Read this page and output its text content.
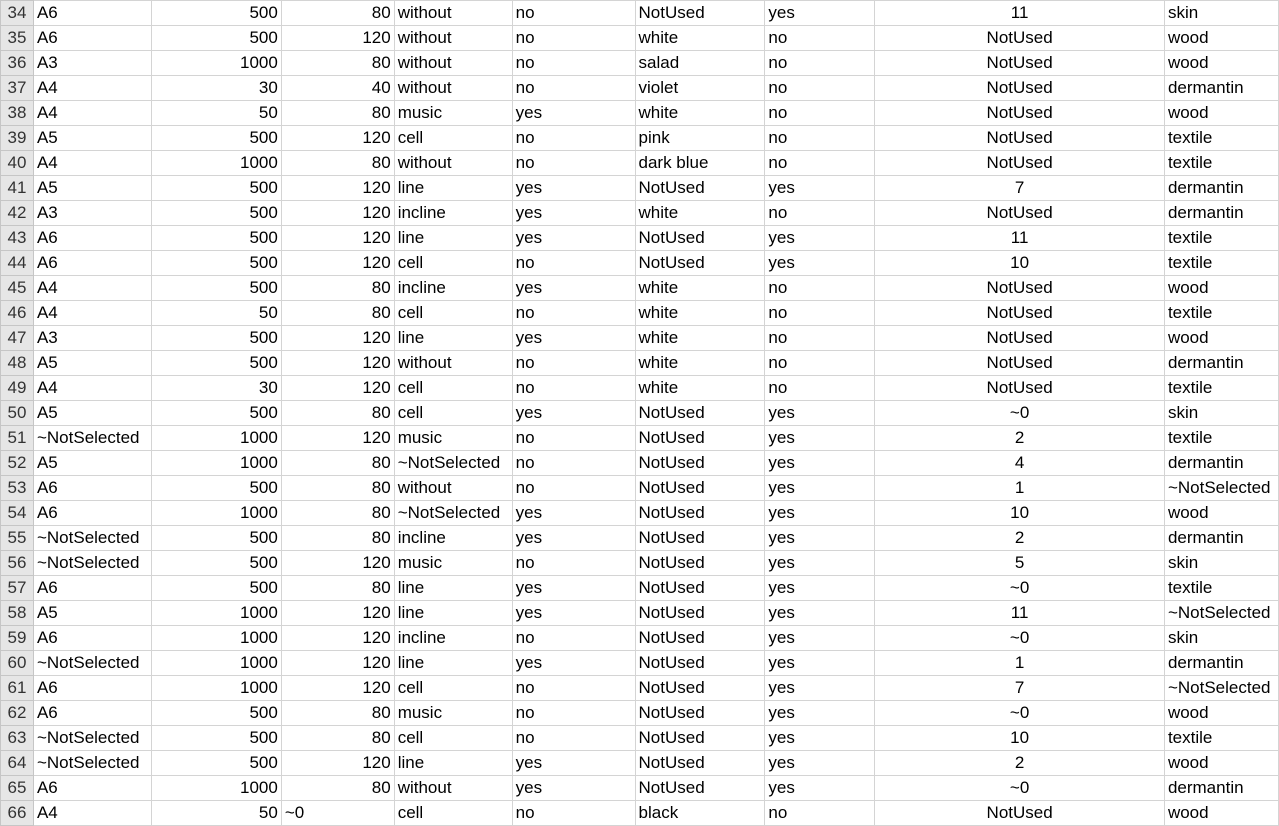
34	A6	500	80	without	no	NotUsed	yes	11	skin
35	A6	500	120	without	no	white	no	NotUsed	wood
36	A3	1000	80	without	no	salad	no	NotUsed	wood
37	A4	30	40	without	no	violet	no	NotUsed	dermantin
38	A4	50	80	music	yes	white	no	NotUsed	wood
39	A5	500	120	cell	no	pink	no	NotUsed	textile
40	A4	1000	80	without	no	dark blue	no	NotUsed	textile
41	A5	500	120	line	yes	NotUsed	yes	7	dermantin
42	A3	500	120	incline	yes	white	no	NotUsed	dermantin
43	A6	500	120	line	yes	NotUsed	yes	11	textile
44	A6	500	120	cell	no	NotUsed	yes	10	textile
45	A4	500	80	incline	yes	white	no	NotUsed	wood
46	A4	50	80	cell	no	white	no	NotUsed	textile
47	A3	500	120	line	yes	white	no	NotUsed	wood
48	A5	500	120	without	no	white	no	NotUsed	dermantin
49	A4	30	120	cell	no	white	no	NotUsed	textile
50	A5	500	80	cell	yes	NotUsed	yes	~0	skin
51	~NotSelected	1000	120	music	no	NotUsed	yes	2	textile
52	A5	1000	80	~NotSelected	no	NotUsed	yes	4	dermantin
53	A6	500	80	without	no	NotUsed	yes	1	~NotSelected
54	A6	1000	80	~NotSelected	yes	NotUsed	yes	10	wood
55	~NotSelected	500	80	incline	yes	NotUsed	yes	2	dermantin
56	~NotSelected	500	120	music	no	NotUsed	yes	5	skin
57	A6	500	80	line	yes	NotUsed	yes	~0	textile
58	A5	1000	120	line	yes	NotUsed	yes	11	~NotSelected
59	A6	1000	120	incline	no	NotUsed	yes	~0	skin
60	~NotSelected	1000	120	line	yes	NotUsed	yes	1	dermantin
61	A6	1000	120	cell	no	NotUsed	yes	7	~NotSelected
62	A6	500	80	music	no	NotUsed	yes	~0	wood
63	~NotSelected	500	80	cell	no	NotUsed	yes	10	textile
64	~NotSelected	500	120	line	yes	NotUsed	yes	2	wood
65	A6	1000	80	without	yes	NotUsed	yes	~0	dermantin
66	A4	50	~0	cell	no	black	no	NotUsed	wood
